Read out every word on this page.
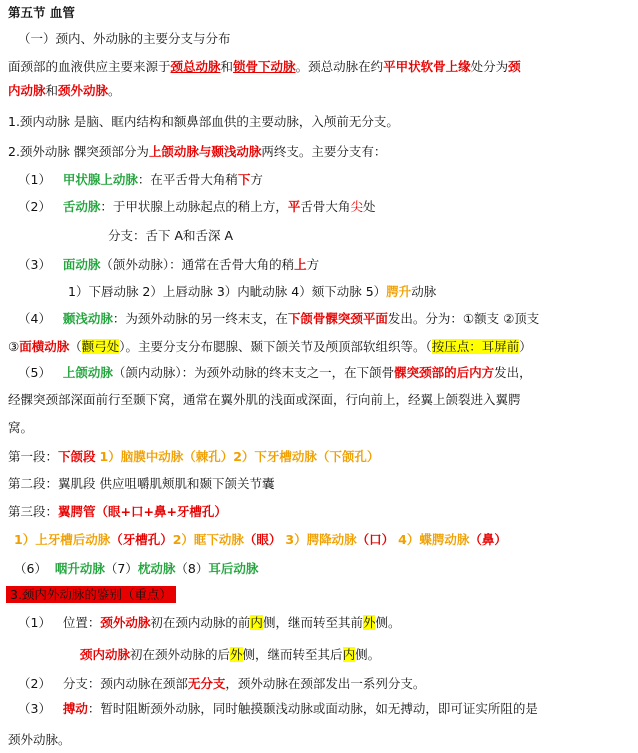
第五节 血管
（一）颈内、外动脉的主要分支与分布
面颈部的血液供应主要来源于颈总动脉和锁骨下动脉。颈总动脉在约平甲状软骨上缘处分为颈
内动脉和颈外动脉。
1.颈内动脉 是脑、眶内结构和额鼻部血供的主要动脉，入颅前无分支。
2.颈外动脉 髁突颈部分为上颌动脉与颞浅动脉两终支。主要分支有：
（1） 甲状腺上动脉：在平舌骨大角稍下方
（2） 舌动脉：于甲状腺上动脉起点的稍上方，平舌骨大角尖处
分支：舌下 A和舌深 A
（3） 面动脉（颌外动脉）：通常在舌骨大角的稍上方
1）下唇动脉 2）上唇动脉 3）内眦动脉 4）颏下动脉 5）腭升动脉
（4） 颞浅动脉：为颈外动脉的另一终末支，在下颌骨髁突颈平面发出。分为：①额支 ②顶支
③面横动脉（颧弓处）。主要分支分布腮腺、颞下颌关节及颅顶部软组织等。（按压点：耳屏前）
（5） 上颌动脉（颌内动脉）：为颈外动脉的终末支之一，在下颌骨髁突颈部的后内方发出，
经髁突颈部深面前行至颞下窝，通常在翼外肌的浅面或深面，行向前上，经翼上颌裂进入翼腭
窝。
第一段：下颌段 1）脑膜中动脉（棘孔）2）下牙槽动脉（下颌孔）
第二段：翼肌段 供应咀嚼肌颊肌和颞下颌关节囊
第三段：翼腭管（眼+口+鼻+牙槽孔）
1）上牙槽后动脉（牙槽孔）2）眶下动脉（眼） 3）腭降动脉（口） 4）蝶腭动脉（鼻）
（6） 咽升动脉（7）枕动脉（8）耳后动脉
3.颈内外动脉的鉴别（重点）
（1） 位置：颈外动脉初在颈内动脉的前内侧，继而转至其前外侧。
颈内动脉初在颈外动脉的后外侧，继而转至其后内侧。
（2） 分支：颈内动脉在颈部无分支，颈外动脉在颈部发出一系列分支。
（3） 搏动：暂时阻断颈外动脉，同时触摸颞浅动脉或面动脉，如无搏动，即可证实所阻的是
颈外动脉。
